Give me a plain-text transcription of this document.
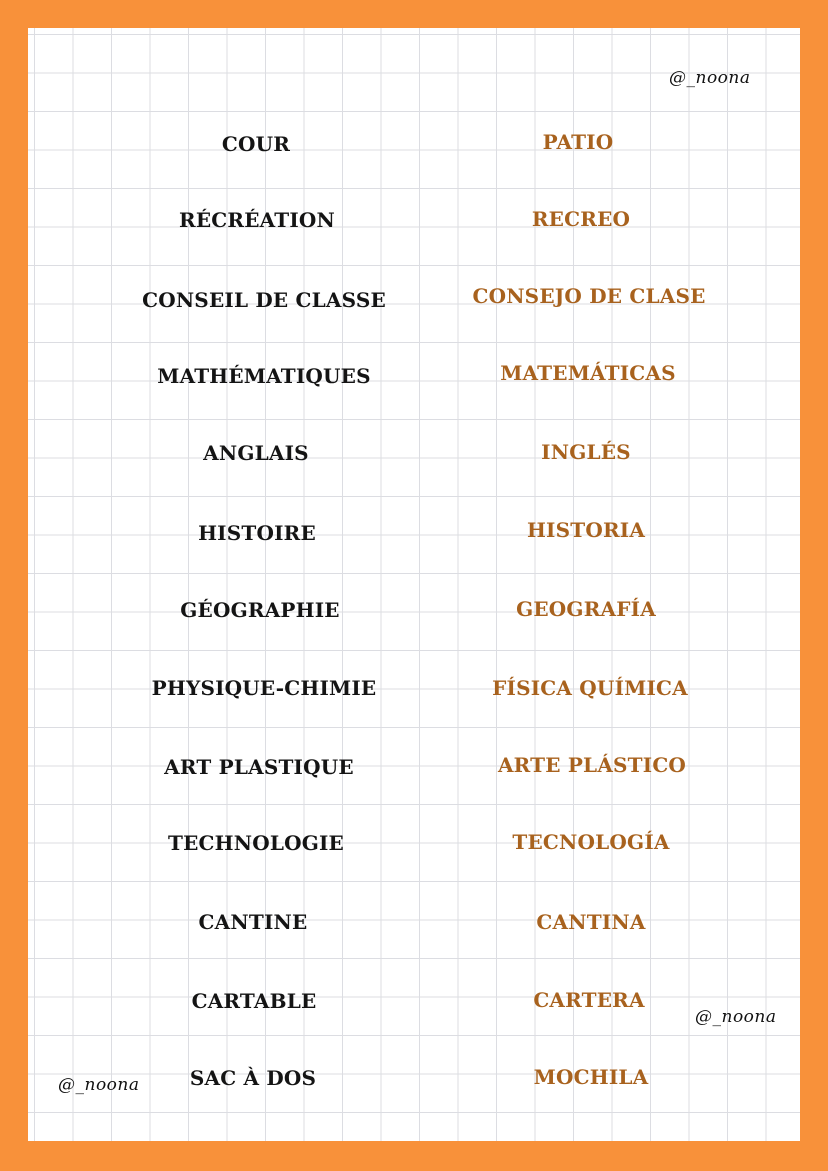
@_noona
@_noona
@_noona
COUR
RÉCRÉATION
CONSEIL DE CLASSE
MATHÉMATIQUES
ANGLAIS
HISTOIRE
GÉOGRAPHIE
PHYSIQUE-CHIMIE
ART PLASTIQUE
TECHNOLOGIE
CANTINE
CARTABLE
SAC À DOS
PATIO
RECREO
CONSEJO DE CLASE
MATEMÁTICAS
INGLÉS
HISTORIA
GEOGRAFÍA
FÍSICA QUÍMICA
ARTE PLÁSTICO
TECNOLOGÍA
CANTINA
CARTERA
MOCHILA
